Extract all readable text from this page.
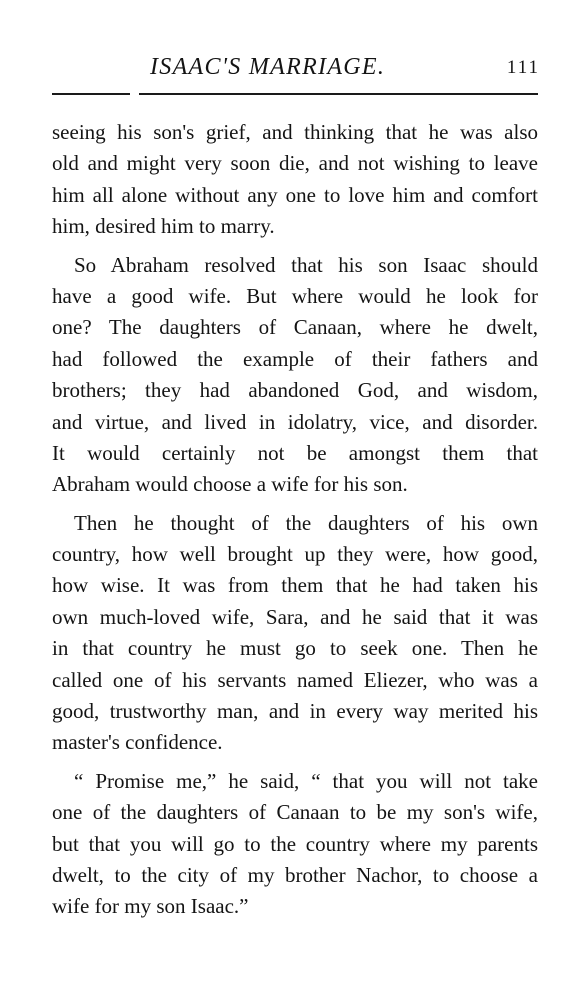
ISAAC'S MARRIAGE.	111
seeing his son's grief, and thinking that he was also
old and might very soon die, and not wishing to leave
him all alone without any one to love him and comfort
him, desired him to marry.
So Abraham resolved that his son Isaac should
have a good wife. But where would he look for
one? The daughters of Canaan, where he dwelt,
had followed the example of their fathers and
brothers; they had abandoned God, and wisdom,
and virtue, and lived in idolatry, vice, and disorder.
It would certainly not be amongst them that
Abraham would choose a wife for his son.
Then he thought of the daughters of his own
country, how well brought up they were, how good,
how wise. It was from them that he had taken his
own much-loved wife, Sara, and he said that it was
in that country he must go to seek one. Then he
called one of his servants named Eliezer, who was a
good, trustworthy man, and in every way merited his
master's confidence.
“ Promise me,” he said, “ that you will not take
one of the daughters of Canaan to be my son's wife,
but that you will go to the country where my parents
dwelt, to the city of my brother Nachor, to choose a
wife for my son Isaac.”
